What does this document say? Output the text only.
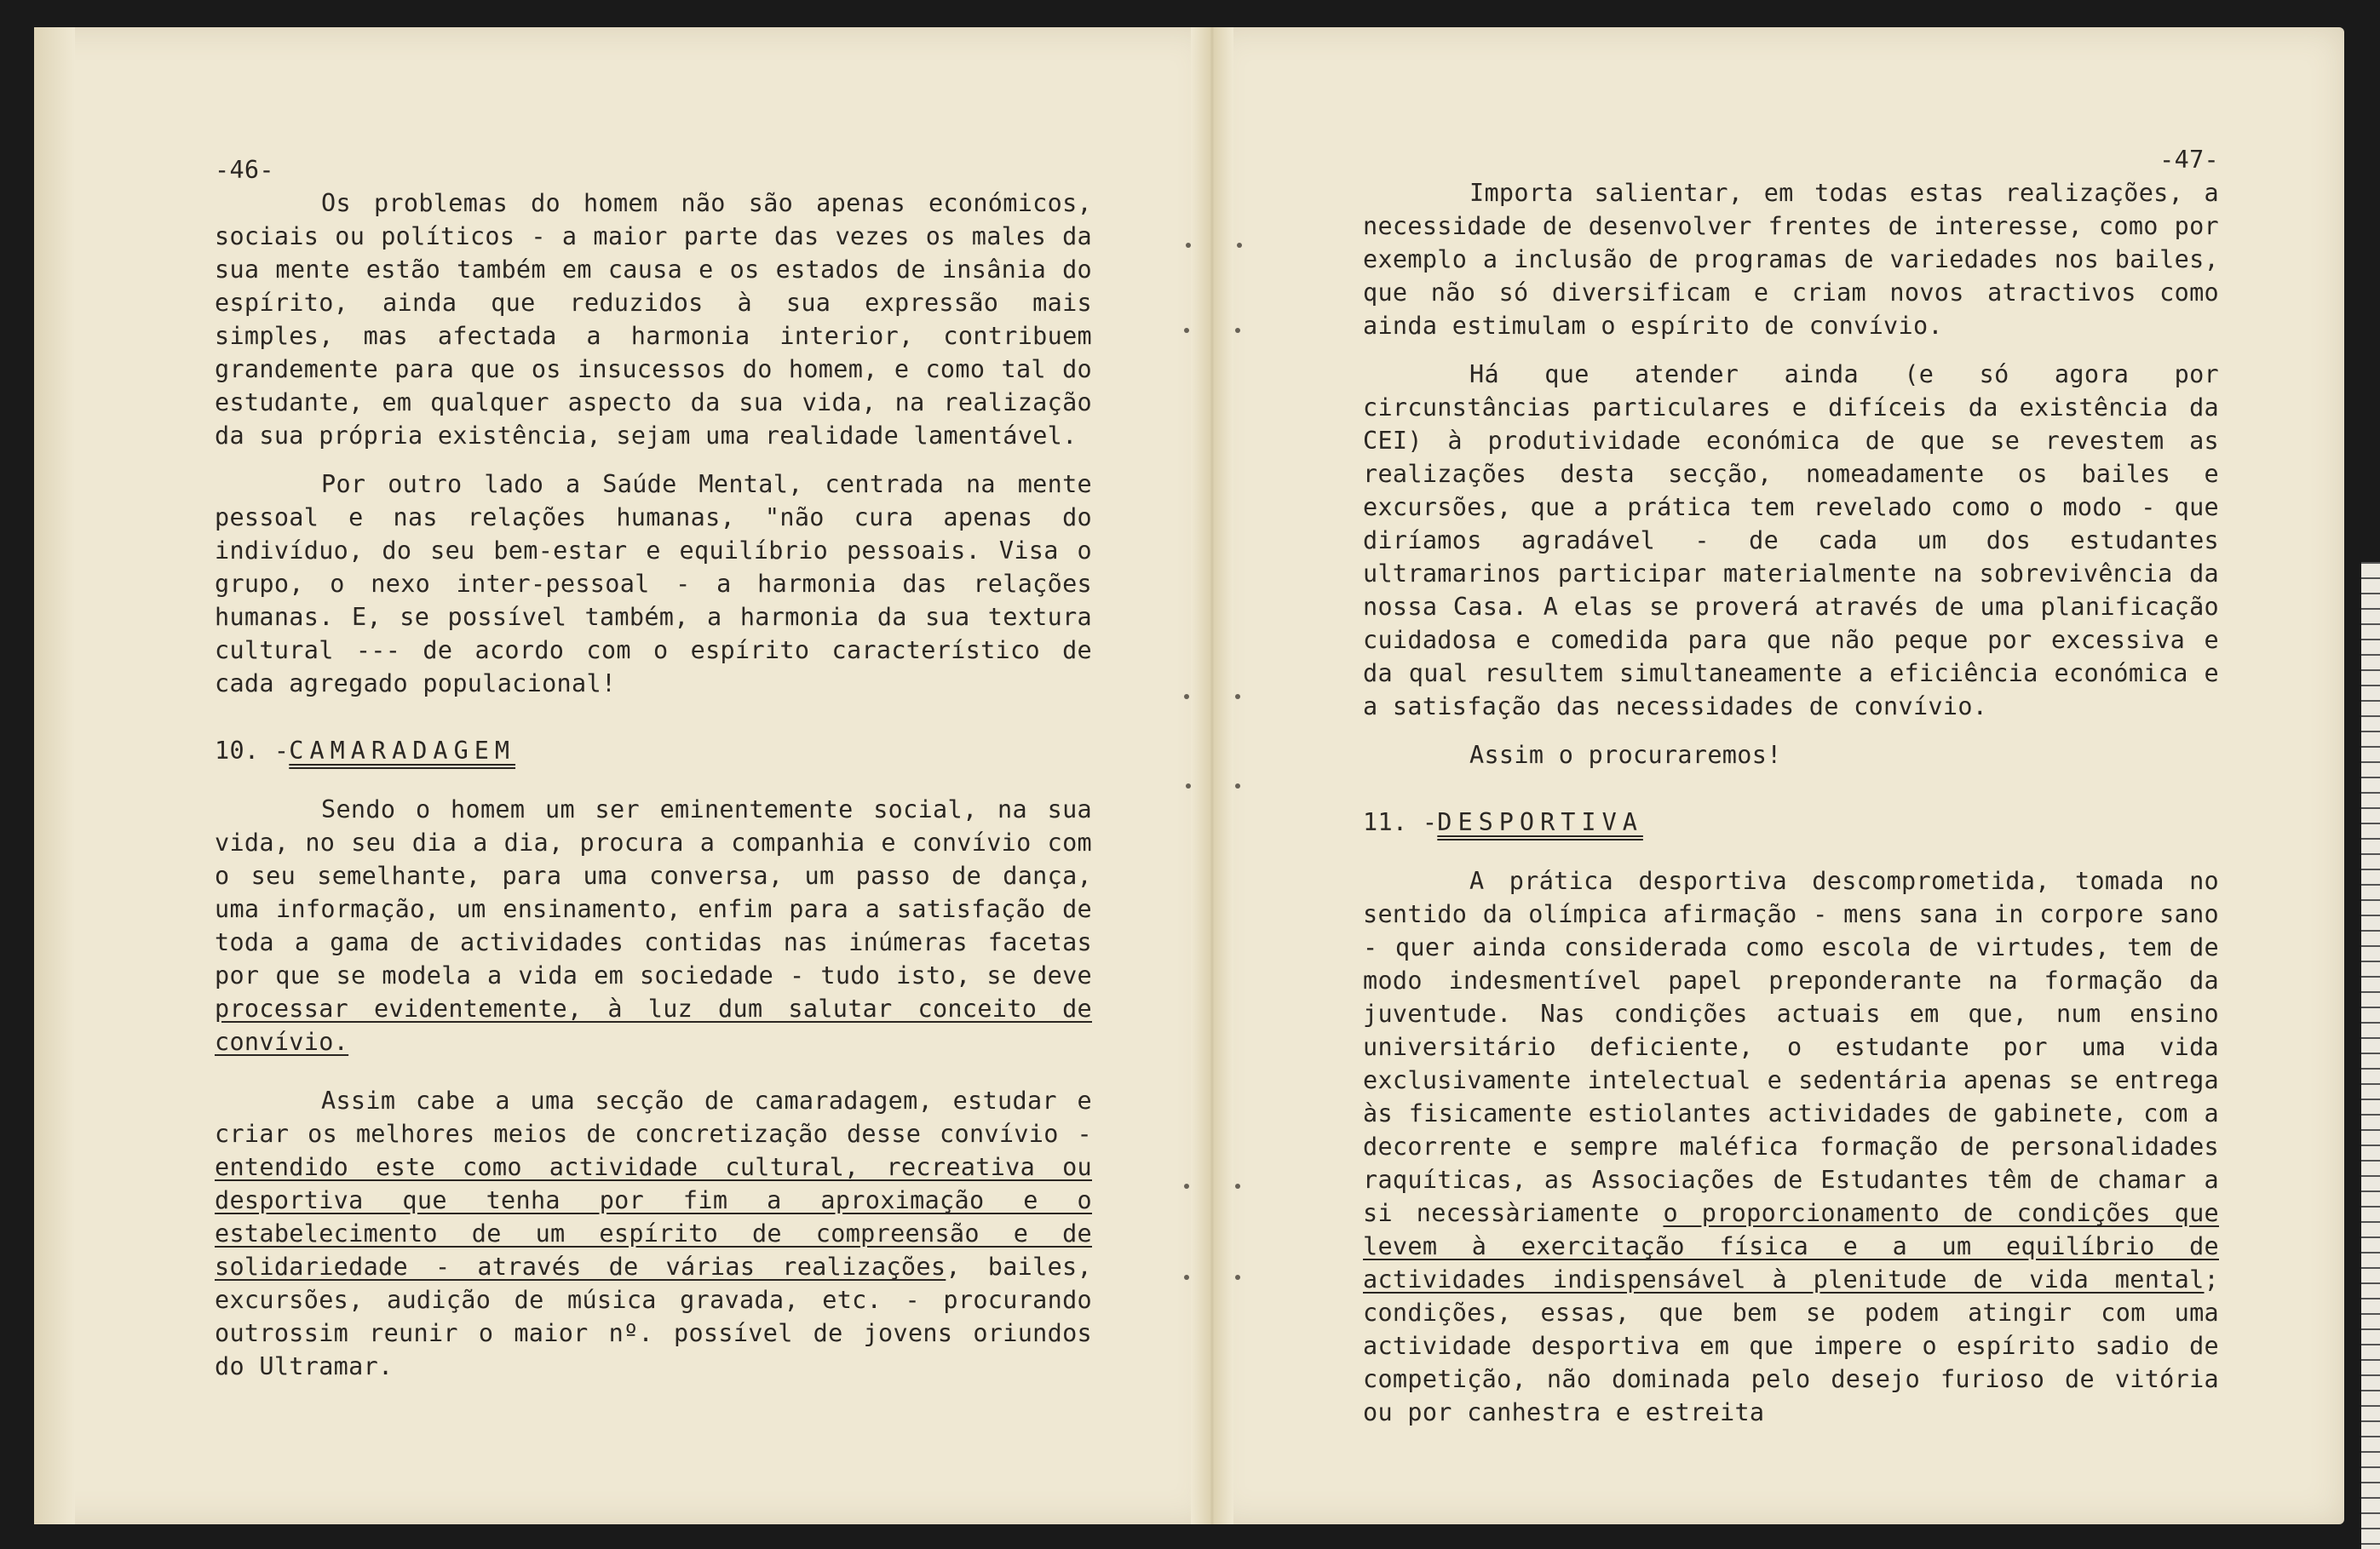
-46-

Os problemas do homem não são apenas económicos, sociais ou políticos - a maior parte das vezes os males da sua mente estão também em causa e os estados de insânia do espírito, ainda que reduzidos à sua expressão mais simples, mas afectada a harmonia interior, contribuem grandemente para que os insucessos do homem, e como tal do estudante, em qualquer aspecto da sua vida, na realização da sua própria existência, sejam uma realidade lamentável.

Por outro lado a Saúde Mental, centrada na mente pessoal e nas relações humanas, "não cura apenas do indivíduo, do seu bem-estar e equilíbrio pessoais. Visa o grupo, o nexo inter-pessoal - a harmonia das relações humanas. E, se possível também, a harmonia da sua textura cultural --- de acordo com o espírito característico de cada agregado populacional!

10. -CAMARADAGEM

Sendo o homem um ser eminentemente social, na sua vida, no seu dia a dia, procura a companhia e convívio com o seu semelhante, para uma conversa, um passo de dança, uma informação, um ensinamento, enfim para a satisfação de toda a gama de actividades contidas nas inúmeras facetas por que se modela a vida em sociedade - tudo isto, se deve processar evidentemente, à luz dum salutar conceito de convívio.

Assim cabe a uma secção de camaradagem, estudar e criar os melhores meios de concretização desse convívio - entendido este como actividade cultural, recreativa ou desportiva que tenha por fim a aproximação e o estabelecimento de um espírito de compreensão e de solidariedade - através de várias realizações, bailes, excursões, audição de música gravada, etc. - procurando outrossim reunir o maior nº. possível de jovens oriundos do Ultramar.

-47-

Importa salientar, em todas estas realizações, a necessidade de desenvolver frentes de interesse, como por exemplo a inclusão de programas de variedades nos bailes, que não só diversificam e criam novos atractivos como ainda estimulam o espírito de convívio.

Há que atender ainda (e só agora por circunstâncias particulares e difíceis da existência da CEI) à produtividade económica de que se revestem as realizações desta secção, nomeadamente os bailes e excursões, que a prática tem revelado como o modo - que diríamos agradável - de cada um dos estudantes ultramarinos participar materialmente na sobrevivência da nossa Casa. A elas se proverá através de uma planificação cuidadosa e comedida para que não peque por excessiva e da qual resultem simultaneamente a eficiência económica e a satisfação das necessidades de convívio.

Assim o procuraremos!

11. -DESPORTIVA

A prática desportiva descomprometida, tomada no sentido da olímpica afirmação - mens sana in corpore sano - quer ainda considerada como escola de virtudes, tem de modo indesmentível papel preponderante na formação da juventude. Nas condições actuais em que, num ensino universitário deficiente, o estudante por uma vida exclusivamente intelectual e sedentária apenas se entrega às fisicamente estiolantes actividades de gabinete, com a decorrente e sempre maléfica formação de personalidades raquíticas, as Associações de Estudantes têm de chamar a si necessàriamente o proporcionamento de condições que levem à exercitação física e a um equilíbrio de actividades indispensável à plenitude de vida mental; condições, essas, que bem se podem atingir com uma actividade desportiva em que impere o espírito sadio de competição, não dominada pelo desejo furioso de vitória ou por canhestra e estreita
